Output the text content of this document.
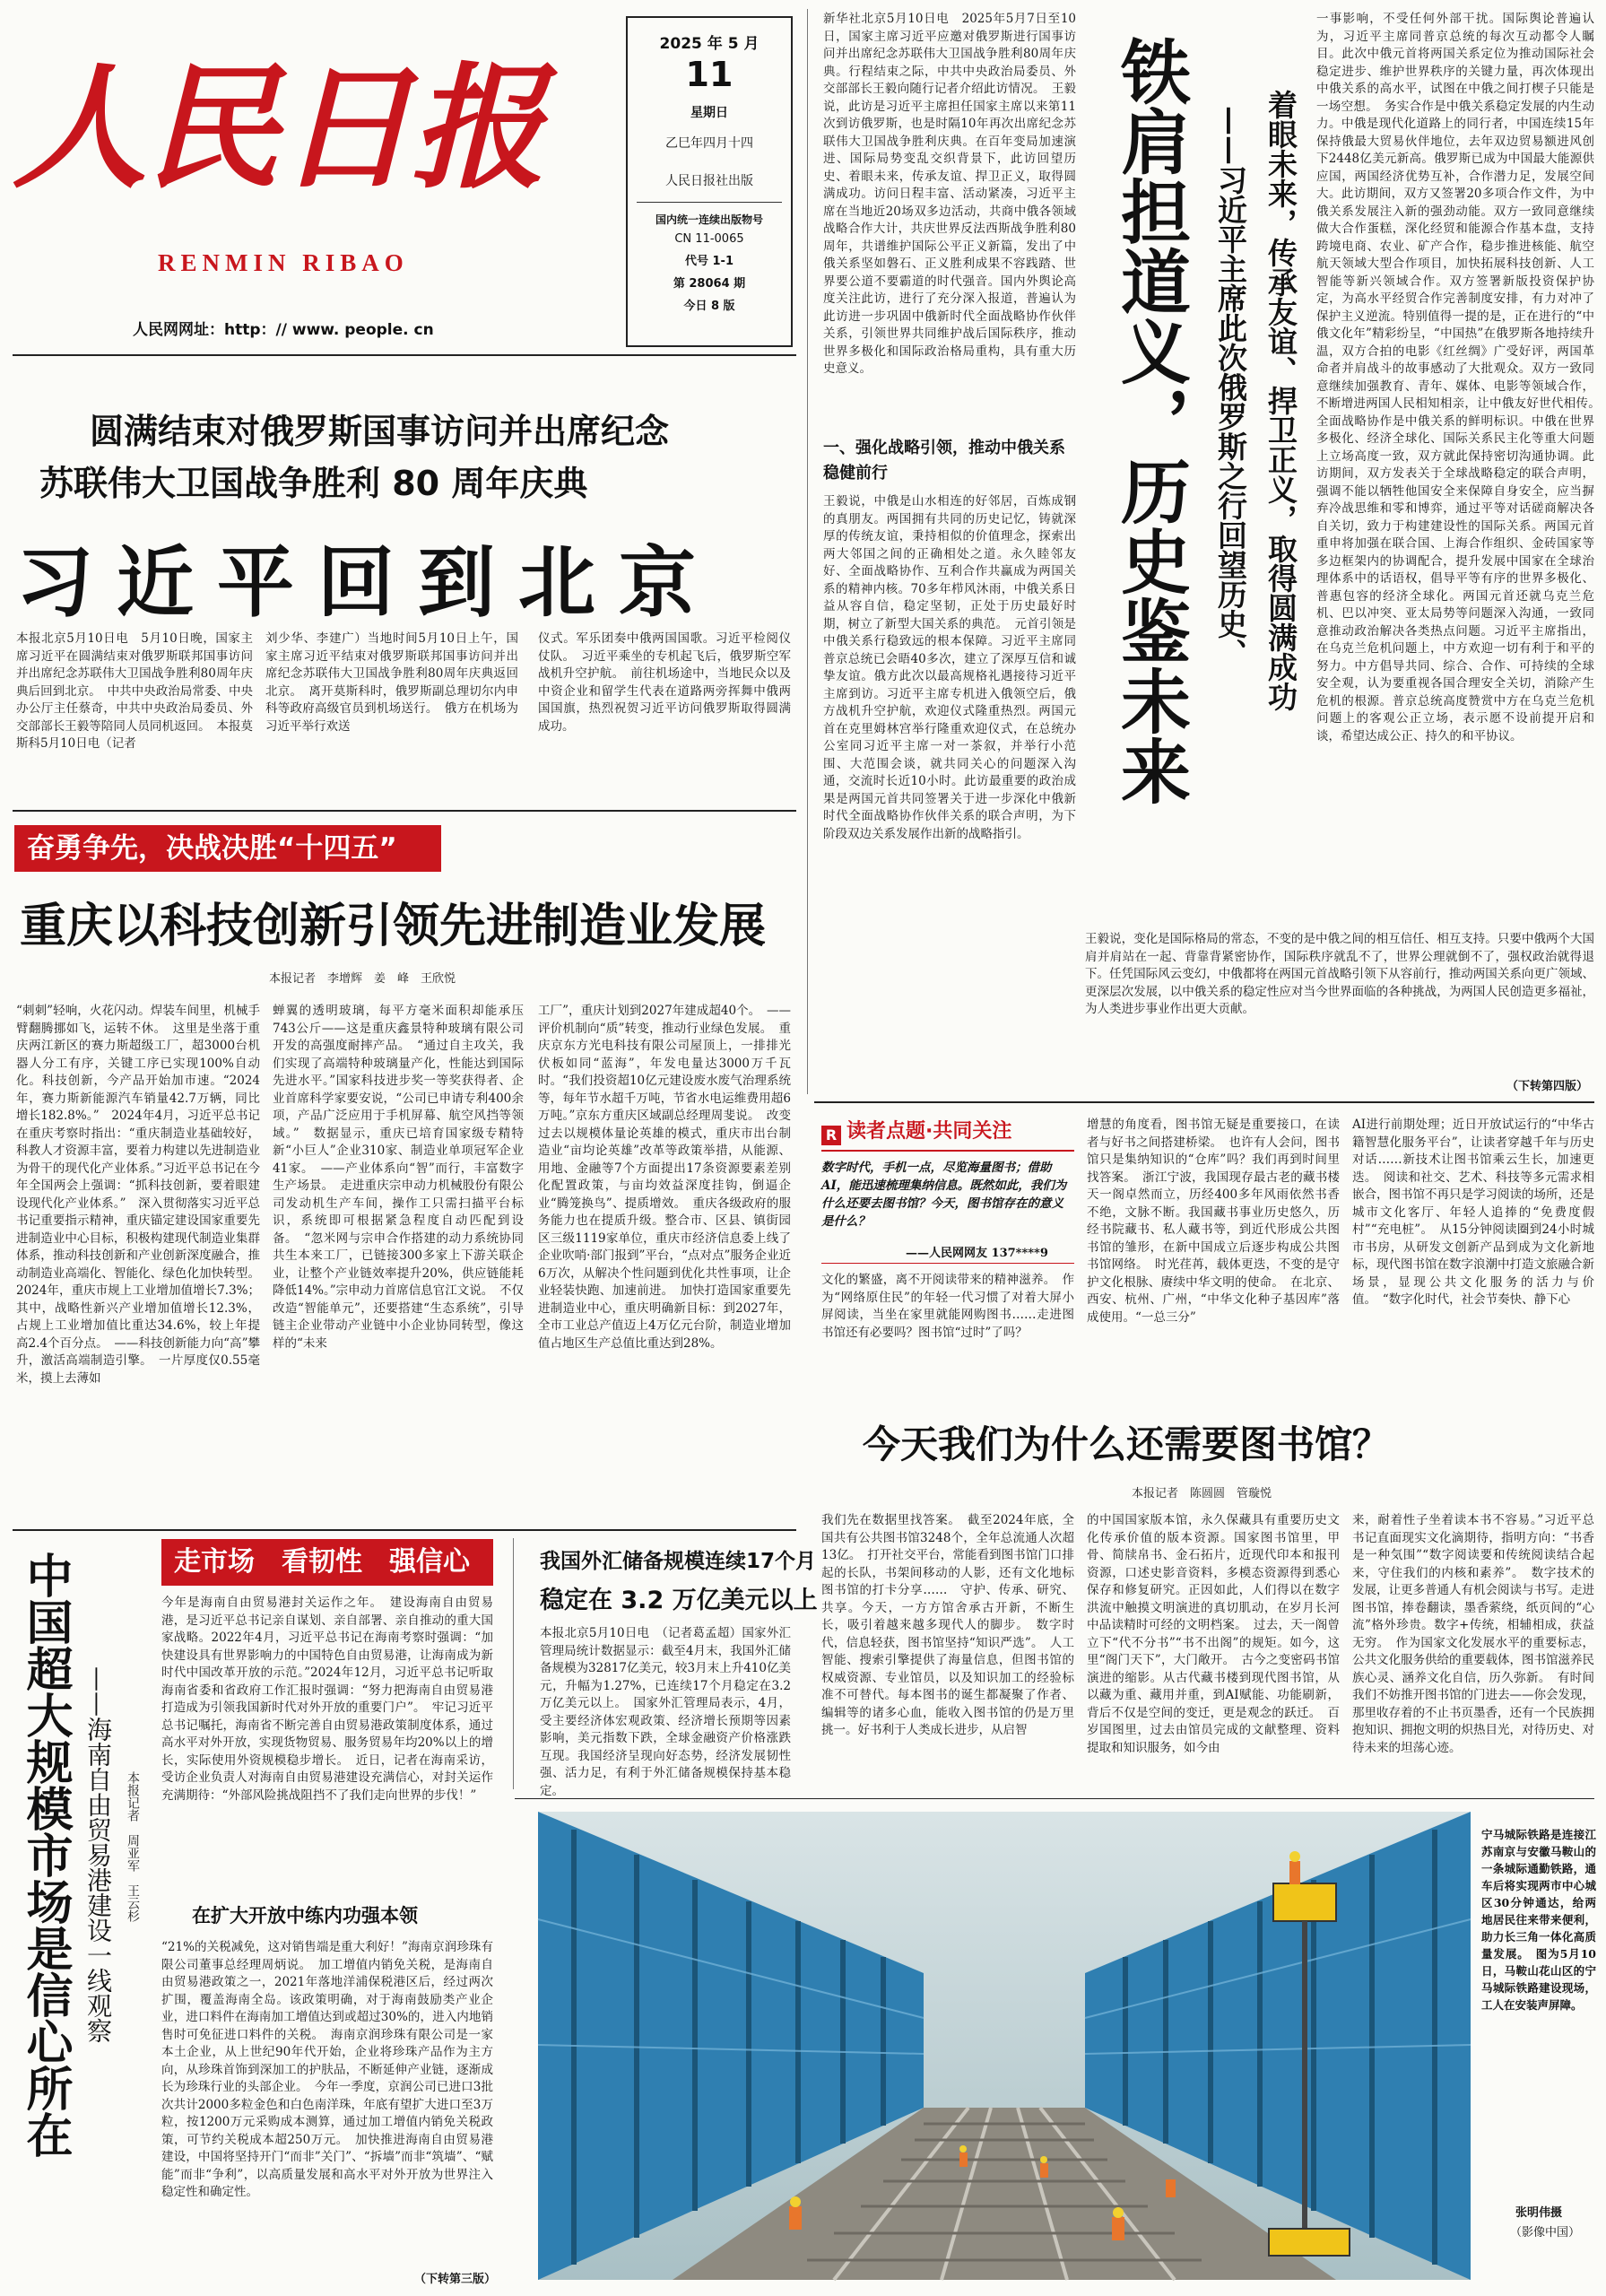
人民日报
RENMIN RIBAO
人民网网址：http：// www. people. cn
2025 年 5 月
11
星期日
乙巳年四月十四
人民日报社出版
国内统一连续出版物号
CN 11-0065
代号 1-1
第 28064 期
今日 8 版
圆满结束对俄罗斯国事访问并出席纪念
苏联伟大卫国战争胜利 80 周年庆典
习近平回到北京
本报北京5月10日电　5月10日晚，国家主席习近平在圆满结束对俄罗斯联邦国事访问并出席纪念苏联伟大卫国战争胜利80周年庆典后回到北京。　中共中央政治局常委、中央办公厅主任蔡奇，中共中央政治局委员、外交部部长王毅等陪同人员同机返回。　本报莫斯科5月10日电（记者
刘少华、李建广）当地时间5月10日上午，国家主席习近平结束对俄罗斯联邦国事访问并出席纪念苏联伟大卫国战争胜利80周年庆典返回北京。　离开莫斯科时，俄罗斯副总理切尔内申科等政府高级官员到机场送行。　俄方在机场为习近平举行欢送
仪式。军乐团奏中俄两国国歌。习近平检阅仪仗队。　习近平乘坐的专机起飞后，俄罗斯空军战机升空护航。　前往机场途中，当地民众以及中资企业和留学生代表在道路两旁挥舞中俄两国国旗，热烈祝贺习近平访问俄罗斯取得圆满成功。
奋勇争先，决战决胜“十四五”
重庆以科技创新引领先进制造业发展
本报记者　李增辉　姜　峰　王欣悦
“刺刺”轻响，火花闪动。焊装车间里，机械手臂翻腾挪如飞，运转不休。　这里是坐落于重庆两江新区的赛力斯超级工厂，超3000台机器人分工有序，关键工序已实现100%自动化。科技创新，今产品开始加市速。“2024年，赛力斯新能源汽车销量42.7万辆，同比增长182.8%。”　2024年4月，习近平总书记在重庆考察时指出：“重庆制造业基础较好，科教人才资源丰富，要着力构建以先进制造业为骨干的现代化产业体系。”习近平总书记在今年全国两会上强调：“抓科技创新，要着眼建设现代化产业体系。”　深入贯彻落实习近平总书记重要指示精神，重庆锚定建设国家重要先进制造业中心目标，积极构建现代制造业集群体系，推动科技创新和产业创新深度融合，推动制造业高端化、智能化、绿色化加快转型。2024年，重庆市规上工业增加值增长7.3%；其中，战略性新兴产业增加值增长12.3%，占规上工业增加值比重达34.6%，较上年提高2.4个百分点。　——科技创新能力向“高”攀升，激活高端制造引擎。　一片厚度仅0.55毫米，摸上去薄如
蝉翼的透明玻璃，每平方毫米面积却能承压743公斤——这是重庆鑫景特种玻璃有限公司开发的高强度耐摔产品。　“通过自主攻关，我们实现了高端特种玻璃量产化，性能达到国际先进水平。”国家科技进步奖一等奖获得者、企业首席科学家要安说，“公司已申请专利400余项，产品广泛应用于手机屏幕、航空风挡等领域。”　数据显示，重庆已培育国家级专精特新“小巨人”企业310家、制造业单项冠军企业41家。　——产业体系向“智”而行，丰富数字生产场景。　走进重庆宗申动力机械股份有限公司发动机生产车间，操作工只需扫描平台标识，系统即可根据紧急程度自动匹配到设备。　“忽米网与宗申合作搭建的动力系统协同共生本来工厂，已链接300多家上下游关联企业，让整个产业链效率提升20%，供应链能耗降低14%。”宗申动力首席信息官江文说。　不仅改造“智能单元”，还要搭建“生态系统”，引导链主企业带动产业链中小企业协同转型，像这样的“未来
工厂”，重庆计划到2027年建成超40个。　——评价机制向“质”转变，推动行业绿色发展。　重庆京东方光电科技有限公司屋顶上，一排排光伏板如同“蓝海”，年发电量达3000万千瓦时。“我们投资超10亿元建设废水废气治理系统等，每年节水超千万吨，节省水电运维费用超6万吨。”京东方重庆区域副总经理周斐说。　改变过去以规模体量论英雄的模式，重庆市出台制造业“亩均论英雄”改革等政策举措，从能源、用地、金融等7个方面提出17条资源要素差别化配置政策，与亩均效益深度挂钩，倒逼企业“腾笼换鸟”、提质增效。　重庆各级政府的服务能力也在提质升级。整合市、区县、镇街园区三级1119家单位，重庆市经济信息委上线了企业吹哨·部门报到”平台，“点对点”服务企业近6万次，从解决个性问题到优化共性事项，让企业轻装快跑、加速前进。　加快打造国家重要先进制造业中心，重庆明确新目标：到2027年，全市工业总产值迈上4万亿元台阶，制造业增加值占地区生产总值比重达到28%。
中国超大规模市场是信心所在 ——海南自由贸易港建设一线观察	本报记者　周亚军　王云杉
走市场　看韧性　强信心
今年是海南自由贸易港封关运作之年。　建设海南自由贸易港，是习近平总书记亲自谋划、亲自部署、亲自推动的重大国家战略。2022年4月，习近平总书记在海南考察时强调：“加快建设具有世界影响力的中国特色自由贸易港，让海南成为新时代中国改革开放的示范。”2024年12月，习近平总书记听取海南省委和省政府工作汇报时强调：“努力把海南自由贸易港打造成为引领我国新时代对外开放的重要门户”。　牢记习近平总书记嘱托，海南省不断完善自由贸易港政策制度体系，通过高水平对外开放，实现货物贸易、服务贸易年均20%以上的增长，实际使用外资规模稳步增长。　近日，记者在海南采访，受访企业负责人对海南自由贸易港建设充满信心，对封关运作充满期待：“外部风险挑战阻挡不了我们走向世界的步伐！”
在扩大开放中练内功强本领
“21%的关税减免，这对销售端是重大利好！”海南京润珍珠有限公司董事总经理周炳说。　加工增值内销免关税，是海南自由贸易港政策之一，2021年落地洋浦保税港区后，经过两次扩围，覆盖海南全岛。该政策明确，对于海南鼓励类产业企业，进口料件在海南加工增值达到或超过30%的，进入内地销售时可免征进口料件的关税。　海南京润珍珠有限公司是一家本土企业，从上世纪90年代开始，企业将珍珠产品作为主方向，从珍珠首饰到深加工的护肤品，不断延伸产业链，逐渐成长为珍珠行业的头部企业。　今年一季度，京润公司已进口3批次共计2000多粒金色和白色南洋珠，年底有望扩大进口至3万粒，按1200万元采购成本测算，通过加工增值内销免关税政策，可节约关税成本超250万元。　加快推进海南自由贸易港建设，中国将坚持开门“而非”关门”、“拆墙”而非“筑墙”、“赋能”而非“争利”，以高质量发展和高水平对外开放为世界注入稳定性和确定性。
（下转第三版）
我国外汇储备规模连续17个月
稳定在 3.2 万亿美元以上
本报北京5月10日电　（记者葛孟超）国家外汇管理局统计数据显示：截至4月末，我国外汇储备规模为32817亿美元，较3月末上升410亿美元，升幅为1.27%，已连续17个月稳定在3.2万亿美元以上。　国家外汇管理局表示，4月，受主要经济体宏观政策、经济增长预期等因素影响，美元指数下跌，全球金融资产价格涨跌互现。我国经济呈现向好态势，经济发展韧性强、活力足，有利于外汇储备规模保持基本稳定。
新华社北京5月10日电　2025年5月7日至10日，国家主席习近平应邀对俄罗斯进行国事访问并出席纪念苏联伟大卫国战争胜利80周年庆典。行程结束之际，中共中央政治局委员、外交部部长王毅向随行记者介绍此访情况。　王毅说，此访是习近平主席担任国家主席以来第11次到访俄罗斯，也是时隔10年再次出席纪念苏联伟大卫国战争胜利庆典。在百年变局加速演进、国际局势变乱交织背景下，此访回望历史、着眼未来，传承友谊、捍卫正义，取得圆满成功。访问日程丰富、活动紧凑，习近平主席在当地近20场双多边活动，共商中俄各领域战略合作大计，共庆世界反法西斯战争胜利80周年，共谱维护国际公平正义新篇，发出了中俄关系坚如磐石、正义胜利成果不容践踏、世界要公道不要霸道的时代强音。国内外舆论高度关注此访，进行了充分深入报道，普遍认为此访进一步巩固中俄新时代全面战略协作伙伴关系，引领世界共同维护战后国际秩序，推动世界多极化和国际政治格局重构，具有重大历史意义。
一、强化战略引领，推动中俄关系稳健前行
王毅说，中俄是山水相连的好邻居，百炼成钢的真朋友。两国拥有共同的历史记忆，铸就深厚的传统友谊，秉持相似的价值理念，探索出两大邻国之间的正确相处之道。永久睦邻友好、全面战略协作、互利合作共赢成为两国关系的精神内核。70多年栉风沐雨，中俄关系日益从容自信，稳定坚韧，正处于历史最好时期，树立了新型大国关系的典范。　元首引领是中俄关系行稳致远的根本保障。习近平主席同普京总统已会晤40多次，建立了深厚互信和诚挚友谊。俄方此次以最高规格礼遇接待习近平主席到访。习近平主席专机进入俄领空后，俄方战机升空护航，欢迎仪式隆重热烈。两国元首在克里姆林宫举行隆重欢迎仪式，在总统办公室同习近平主席一对一茶叙，并举行小范围、大范围会谈，就共同关心的问题深入沟通，交流时长近10小时。此访最重要的政治成果是两国元首共同签署关于进一步深化中俄新时代全面战略协作伙伴关系的联合声明，为下阶段双边关系发展作出新的战略指引。
铁肩担道义，历史鉴未来 着眼未来，传承友谊、捍卫正义，取得圆满成功
——习近平主席此次俄罗斯之行回望历史、
一事影响，不受任何外部干扰。国际舆论普遍认为，习近平主席同普京总统的每次互动都令人瞩目。此次中俄元首将两国关系定位为推动国际社会稳定进步、维护世界秩序的关键力量，再次体现出中俄关系的高水平，试图在中俄之间打楔子只能是一场空想。　务实合作是中俄关系稳定发展的内生动力。中俄是现代化道路上的同行者，中国连续15年保持俄最大贸易伙伴地位，去年双边贸易额进风创下2448亿美元新高。俄罗斯已成为中国最大能源供应国，两国经济优势互补，合作潜力足，发展空间大。此访期间，双方又签署20多项合作文件，为中俄关系发展注入新的强劲动能。双方一致同意继续做大合作蛋糕，深化经贸和能源合作基本盘，支持跨境电商、农业、矿产合作，稳步推进核能、航空航天领域大型合作项目，加快拓展科技创新、人工智能等新兴领域合作。双方签署新版投资保护协定，为高水平经贸合作完善制度安排，有力对冲了保护主义逆流。特别值得一提的是，正在进行的“中俄文化年”精彩纷呈，“中国热”在俄罗斯各地持续升温，双方合拍的电影《红丝绸》广受好评，两国革命者并肩战斗的故事感动了大批观众。双方一致同意继续加强教育、青年、媒体、电影等领域合作，不断增进两国人民相知相亲，让中俄友好世代相传。　全面战略协作是中俄关系的鲜明标识。中俄在世界多极化、经济全球化、国际关系民主化等重大问题上立场高度一致，双方就此保持密切沟通协调。此访期间，双方发表关于全球战略稳定的联合声明，强调不能以牺牲他国安全来保障自身安全，应当摒弃冷战思维和零和博弈，通过平等对话磋商解决各自关切，致力于构建建设性的国际关系。两国元首重申将加强在联合国、上海合作组织、金砖国家等多边框架内的协调配合，提升发展中国家在全球治理体系中的话语权，倡导平等有序的世界多极化、普惠包容的经济全球化。两国元首还就乌克兰危机、巴以冲突、亚太局势等问题深入沟通，一致同意推动政治解决各类热点问题。习近平主席指出，在乌克兰危机问题上，中方欢迎一切有利于和平的努力。中方倡导共同、综合、合作、可持续的全球安全观，认为要重视各国合理安全关切，消除产生危机的根源。普京总统高度赞赏中方在乌克兰危机问题上的客观公正立场，表示愿不设前提开启和谈，希望达成公正、持久的和平协议。
王毅说，变化是国际格局的常态，不变的是中俄之间的相互信任、相互支持。只要中俄两个大国肩并肩站在一起、背靠背紧密协作，国际秩序就乱不了，世界公理就倒不了，强权政治就得退下。任凭国际风云变幻，中俄都将在两国元首战略引领下从容前行，推动两国关系向更广领域、更深层次发展，以中俄关系的稳定性应对当今世界面临的各种挑战，为两国人民创造更多福祉，为人类进步事业作出更大贡献。
（下转第四版）
R 读者点题·共同关注
数字时代，手机一点，尽览海量图书；借助AI，能迅速梳理集纳信息。既然如此，我们为什么还要去图书馆？今天，图书馆存在的意义是什么？
——人民网网友 137****9
文化的繁盛，离不开阅读带来的精神滋养。　作为“网络原住民”的年轻一代习惯了对着大屏小屏阅读，当坐在家里就能网购图书……走进图书馆还有必要吗？图书馆“过时”了吗？
增慧的角度看，图书馆无疑是重要接口，在读者与好书之间搭建桥梁。　也许有人会问，图书馆只是集纳知识的“仓库”吗？我们再到时间里找答案。　浙江宁波，我国现存最古老的藏书楼天一阁卓然而立，历经400多年风雨依然书香不绝，文脉不断。我国藏书事业历史悠久，历经书院藏书、私人藏书等，到近代形成公共图书馆的雏形，在新中国成立后逐步构成公共图书馆网络。　时光荏苒，载体更迭，不变的是守护文化根脉、赓续中华文明的使命。　在北京、西安、杭州、广州，“中华文化种子基因库”落成使用。“一总三分”
AI进行前期处理；近日开放试运行的“中华古籍智慧化服务平台”，让读者穿越千年与历史对话……新技术让图书馆乘云生长，加速更迭。　阅读和社交、艺术、科技等多元需求相嵌合，图书馆不再只是学习阅读的场所，还是城市文化客厅、年轻人追捧的“免费度假村”“充电桩”。　从15分钟阅读圈到24小时城市书房，从研发文创新产品到成为文化新地标，现代图书馆在数字浪潮中打造文旅融合新场景，显现公共文化服务的活力与价值。　“数字化时代，社会节奏快、静下心
今天我们为什么还需要图书馆？
本报记者　陈圆圆　管璇悦
我们先在数据里找答案。　截至2024年底，全国共有公共图书馆3248个，全年总流通人次超13亿。　打开社交平台，常能看到图书馆门口排起的长队，书架间移动的人影，还有文化地标图书馆的打卡分享……　守护、传承、研究、共享。今天，一方方馆舍承古开新，不断生长，吸引着越来越多现代人的脚步。　数字时代，信息轻获，图书馆坚持“知识严选”。　人工智能、搜索引擎提供了海量信息，但图书馆的权威资源、专业馆员，以及知识加工的经验标准不可替代。每本图书的诞生都凝聚了作者、编辑等的诸多心血，能收入图书馆的仍是万里挑一。好书利于人类成长进步，从启智
的中国国家版本馆，永久保藏具有重要历史文化传承价值的版本资源。国家图书馆里，甲骨、简牍帛书、金石拓片，近现代印本和报刊资源，口述史影音资料，多模态资源得到悉心保存和修复研究。正因如此，人们得以在数字洪流中触摸文明演进的真切肌动，在岁月长河中品读精时可经的文明档案。　过去，天一阁曾立下“代不分书”“书不出阁”的规矩。如今，这里“阁门天下”，大门敞开。　古今之变密码书馆演进的缩影。从古代藏书楼到现代图书馆，从以藏为重、藏用并重，到AI赋能、功能刷新，背后不仅是空间的变迁，更是观念的跃迁。　百岁国图里，过去由馆员完成的文献整理、资料提取和知识服务，如今由
来，耐着性子坐着读本书不容易。”习近平总书记直面现实文化滴期待，指明方向：“书香是一种気围”“数字阅读要和传统阅读结合起来，守住我们的内核和素养”。　数字技术的发展，让更多普通人有机会阅读与书写。走进图书馆，捧卷翻读，墨香萦绕，纸页间的“心流”格外珍贵。数字+传统，相辅相成，获益无穷。　作为国家文化发展水平的重要标志，公共文化服务供给的重要载体，图书馆滋养民族心灵、涵养文化自信，历久弥新。　有时间我们不妨推开图书馆的门进去——你会发现，那里收存着的不止书页墨香，还有一个民族拥抱知识、拥抱文明的炽热目光，对待历史、对待未来的坦荡心迹。
宁马城际铁路是连接江苏南京与安徽马鞍山的一条城际通勤铁路，通车后将实现两市中心城区30分钟通达，给两地居民往来带来便利，助力长三角一体化高质量发展。　图为5月10日，马鞍山花山区的宁马城际铁路建设现场，工人在安装声屏障。
张明伟摄
（影像中国）
